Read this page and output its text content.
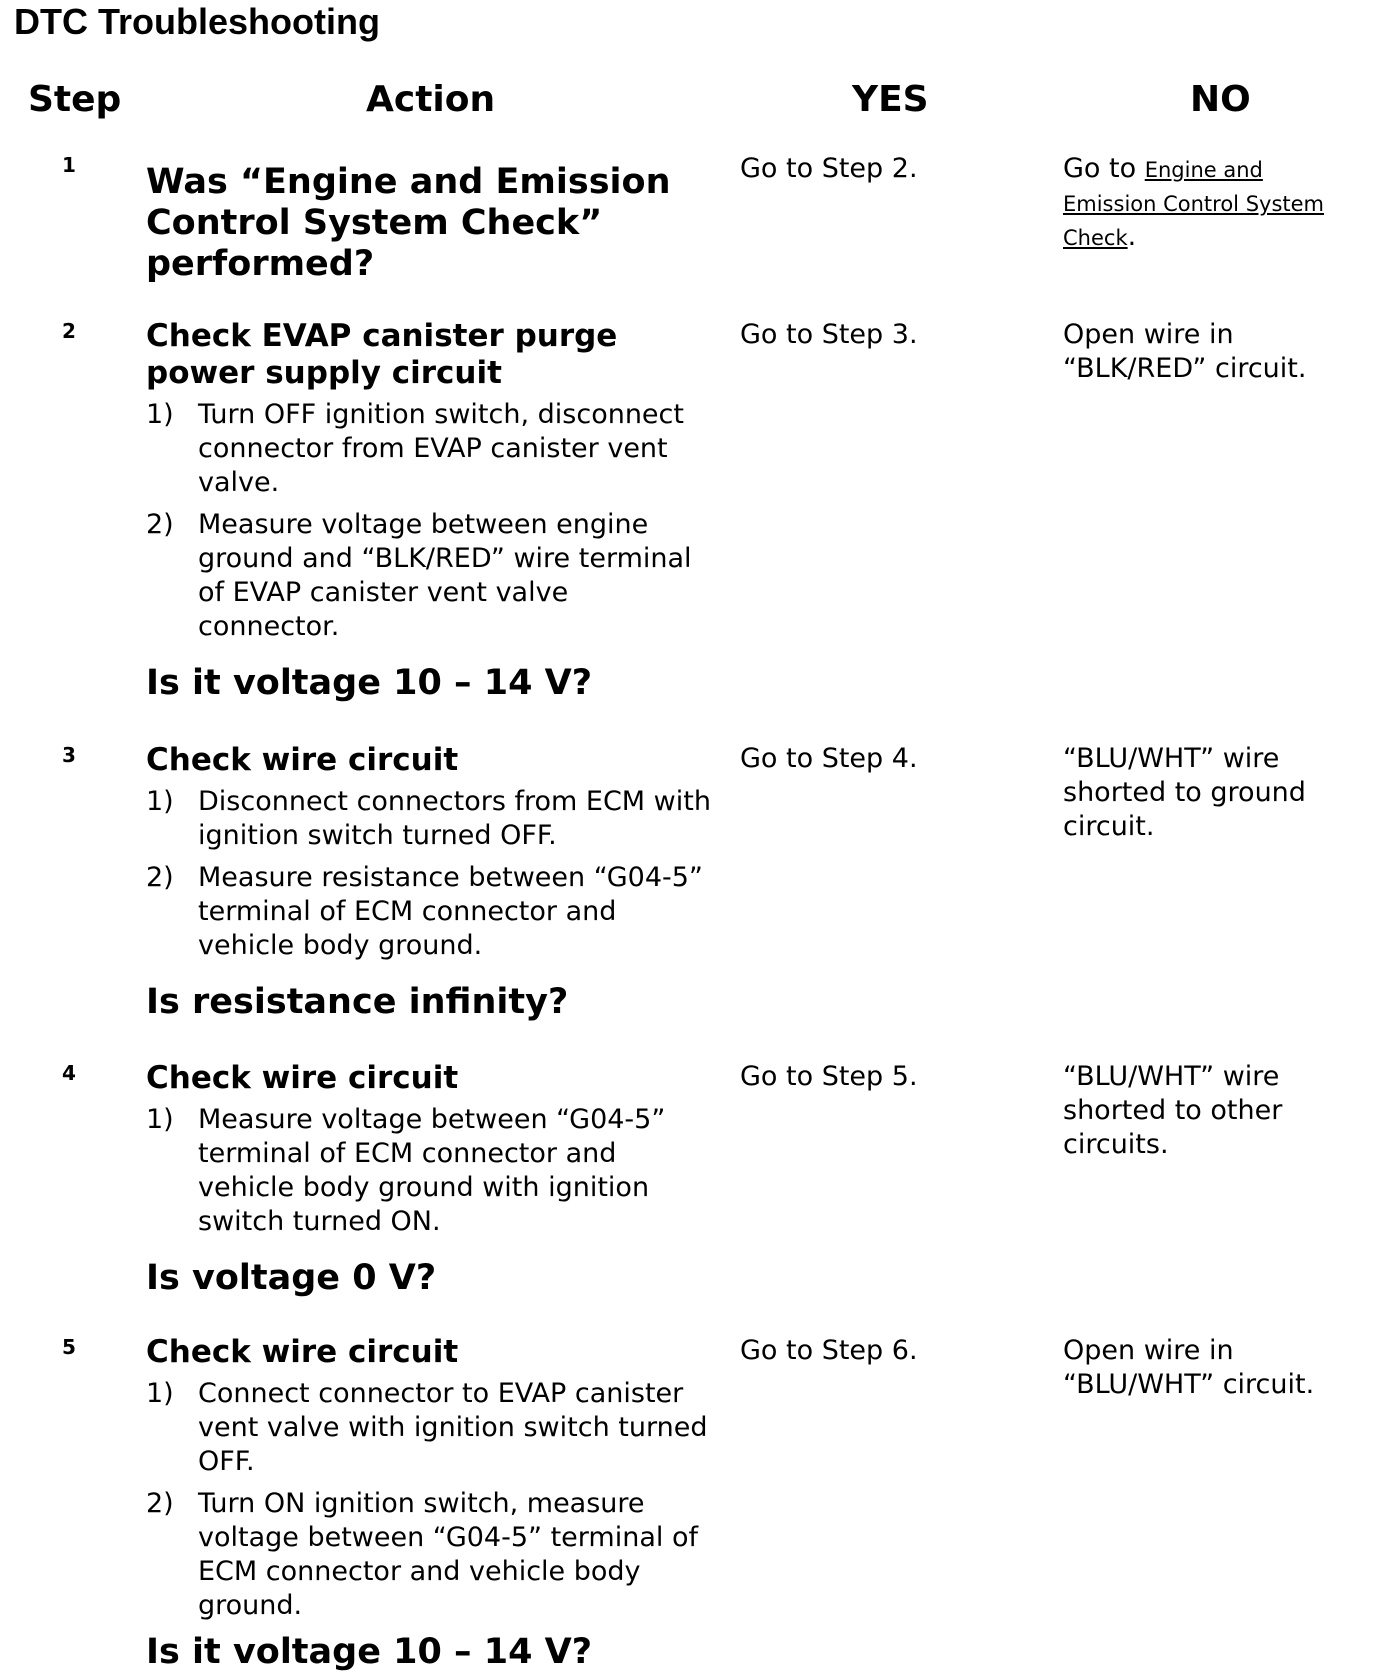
DTC Troubleshooting
Step	Action	YES	NO
1 Was “Engine and Emission Control System Check” performed?

Go to Step 2.	Go to Engine and Emission Control System Check.
2 Check EVAP canister purge power supply circuit

1) Turn OFF ignition switch, disconnect connector from EVAP canister vent valve.
2) Measure voltage between engine ground and “BLK/RED” wire terminal of EVAP canister vent valve connector.

Is it voltage 10 – 14 V?

Go to Step 3.	Open wire in “BLK/RED” circuit.
3 Check wire circuit

1) Disconnect connectors from ECM with ignition switch turned OFF.
2) Measure resistance between “G04-5” terminal of ECM connector and vehicle body ground.

Is resistance infinity?

Go to Step 4.	“BLU/WHT” wire shorted to ground circuit.
4 Check wire circuit

1) Measure voltage between “G04-5” terminal of ECM connector and vehicle body ground with ignition switch turned ON.

Is voltage 0 V?

Go to Step 5.	“BLU/WHT” wire shorted to other circuits.
5 Check wire circuit

1) Connect connector to EVAP canister vent valve with ignition switch turned OFF.
2) Turn ON ignition switch, measure voltage between “G04-5” terminal of ECM connector and vehicle body ground.

Is it voltage 10 – 14 V?

Go to Step 6.	Open wire in “BLU/WHT” circuit.
